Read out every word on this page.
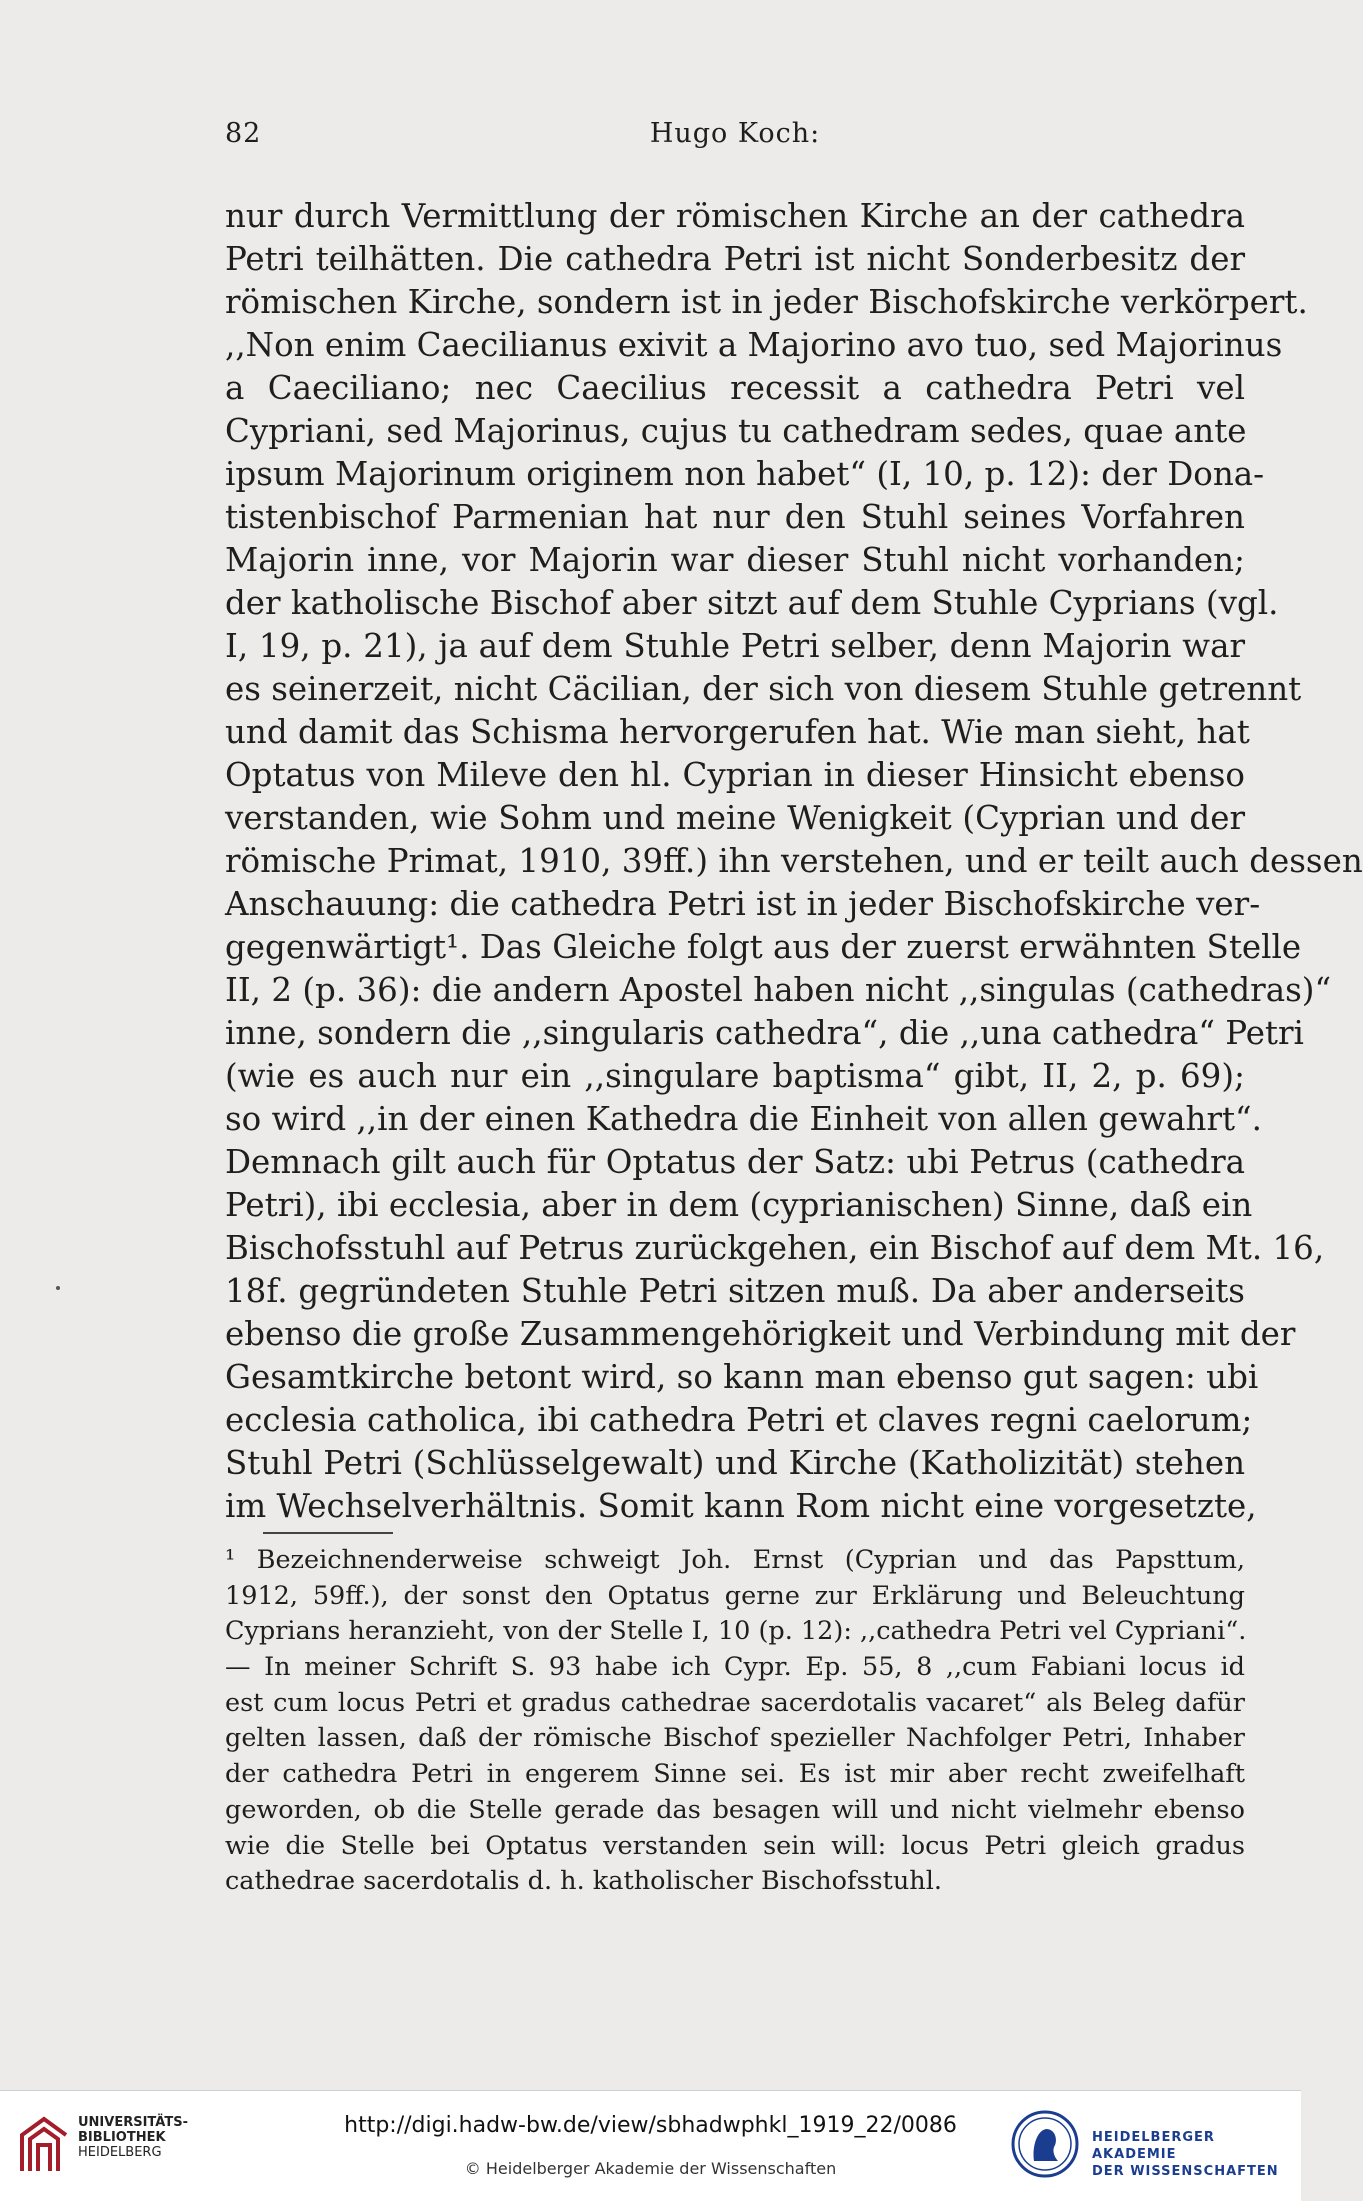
82	Hugo Koch:
nur durch Vermittlung der römischen Kirche an der cathedra
Petri teilhätten. Die cathedra Petri ist nicht Sonderbesitz der
römischen Kirche, sondern ist in jeder Bischofskirche verkörpert.
,,Non enim Caecilianus exivit a Majorino avo tuo, sed Majorinus
a Caeciliano; nec Caecilius recessit a cathedra Petri vel
Cypriani, sed Majorinus, cujus tu cathedram sedes, quae ante
ipsum Majorinum originem non habet“ (I, 10, p. 12): der Dona-
tistenbischof Parmenian hat nur den Stuhl seines Vorfahren
Majorin inne, vor Majorin war dieser Stuhl nicht vorhanden;
der katholische Bischof aber sitzt auf dem Stuhle Cyprians (vgl.
I, 19, p. 21), ja auf dem Stuhle Petri selber, denn Majorin war
es seinerzeit, nicht Cäcilian, der sich von diesem Stuhle getrennt
und damit das Schisma hervorgerufen hat. Wie man sieht, hat
Optatus von Mileve den hl. Cyprian in dieser Hinsicht ebenso
verstanden, wie Sohm und meine Wenigkeit (Cyprian und der
römische Primat, 1910, 39ff.) ihn verstehen, und er teilt auch dessen
Anschauung: die cathedra Petri ist in jeder Bischofskirche ver-
gegenwärtigt¹. Das Gleiche folgt aus der zuerst erwähnten Stelle
II, 2 (p. 36): die andern Apostel haben nicht ,,singulas (cathedras)“
inne, sondern die ,,singularis cathedra“, die ,,una cathedra“ Petri
(wie es auch nur ein ,,singulare baptisma“ gibt, II, 2, p. 69);
so wird ,,in der einen Kathedra die Einheit von allen gewahrt“.
Demnach gilt auch für Optatus der Satz: ubi Petrus (cathedra
Petri), ibi ecclesia, aber in dem (cyprianischen) Sinne, daß ein
Bischofsstuhl auf Petrus zurückgehen, ein Bischof auf dem Mt. 16,
18f. gegründeten Stuhle Petri sitzen muß. Da aber anderseits
ebenso die große Zusammengehörigkeit und Verbindung mit der
Gesamtkirche betont wird, so kann man ebenso gut sagen: ubi
ecclesia catholica, ibi cathedra Petri et claves regni caelorum;
Stuhl Petri (Schlüsselgewalt) und Kirche (Katholizität) stehen
im Wechselverhältnis. Somit kann Rom nicht eine vorgesetzte,
¹ Bezeichnenderweise schweigt Joh. Ernst (Cyprian und das Papsttum,
1912, 59ff.), der sonst den Optatus gerne zur Erklärung und Beleuchtung
Cyprians heranzieht, von der Stelle I, 10 (p. 12): ,,cathedra Petri vel Cypriani“.
— In meiner Schrift S. 93 habe ich Cypr. Ep. 55, 8 ,,cum Fabiani locus id
est cum locus Petri et gradus cathedrae sacerdotalis vacaret“ als Beleg dafür
gelten lassen, daß der römische Bischof spezieller Nachfolger Petri, Inhaber
der cathedra Petri in engerem Sinne sei. Es ist mir aber recht zweifelhaft
geworden, ob die Stelle gerade das besagen will und nicht vielmehr ebenso
wie die Stelle bei Optatus verstanden sein will: locus Petri gleich gradus
cathedrae sacerdotalis d. h. katholischer Bischofsstuhl.
UNIVERSITÄTS-
BIBLIOTHEK
HEIDELBERG
http://digi.hadw-bw.de/view/sbhadwphkl_1919_22/0086
© Heidelberger Akademie der Wissenschaften
HEIDELBERGER AKADEMIE
DER WISSENSCHAFTEN
